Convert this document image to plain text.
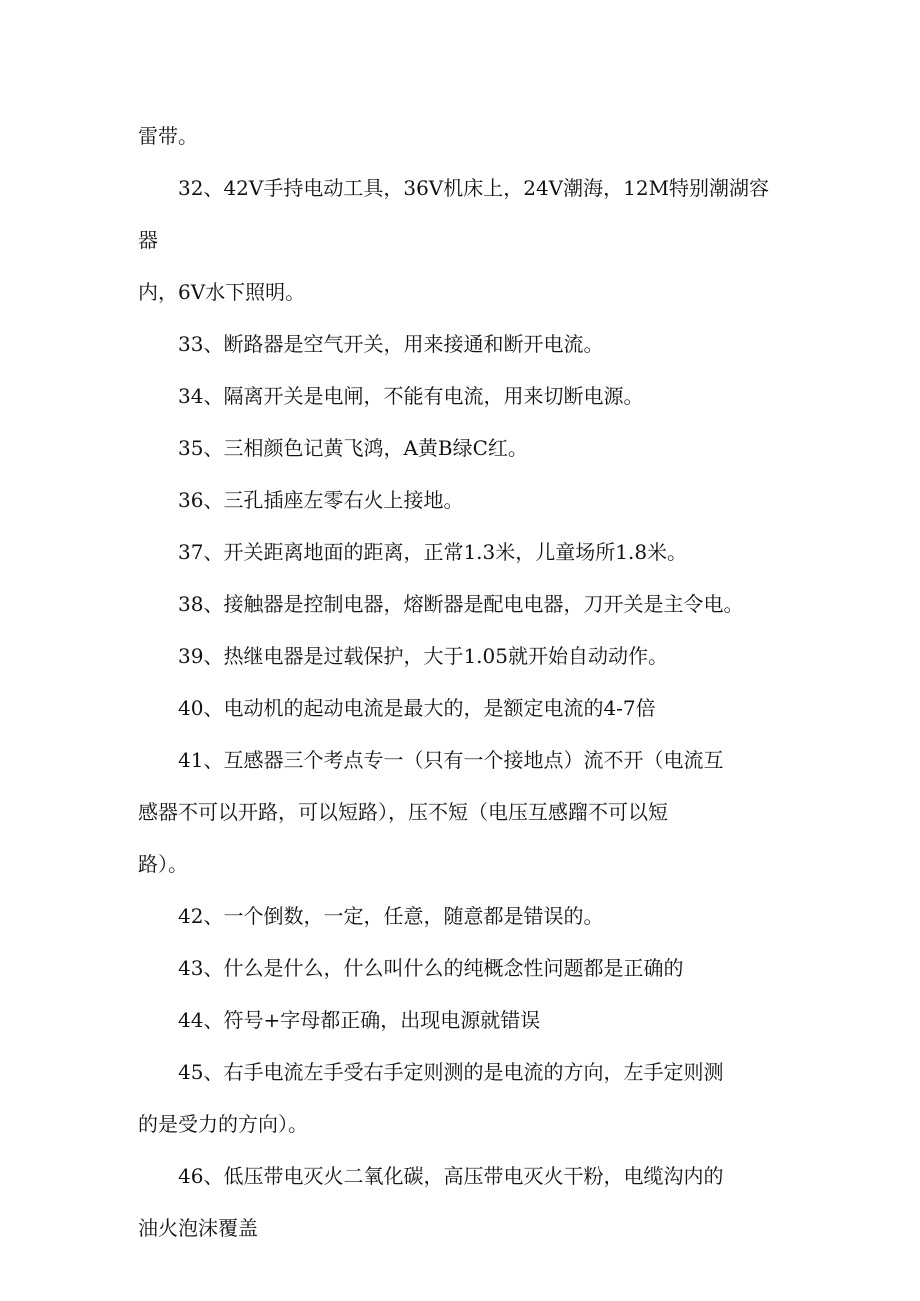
雷带。

32、42V手持电动工具，36V机床上，24V潮海，12M特别潮湖容器
内，6V水下照明。

33、断路器是空气开关，用来接通和断开电流。

34、隔离开关是电闸，不能有电流，用来切断电源。

35、三相颜色记黄飞鸿，A黄B绿C红。

36、三孔插座左零右火上接地。

37、开关距离地面的距离，正常1.3米，儿童场所1.8米。

38、接触器是控制电器，熔断器是配电电器，刀开关是主令电。

39、热继电器是过载保护，大于1.05就开始自动动作。

40、电动机的起动电流是最大的，是额定电流的4-7倍

41、互感器三个考点专一（只有一个接地点）流不开（电流互
感器不可以开路，可以短路），压不短（电压互感蹓不可以短
路）。

42、一个倒数，一定，任意，随意都是错误的。

43、什么是什么，什么叫什么的纯概念性问题都是正确的

44、符号+字母都正确，出现电源就错误

45、右手电流左手受右手定则测的是电流的方向，左手定则测
的是受力的方向）。

46、低压带电灭火二氧化碳，高压带电灭火干粉，电缆沟内的
油火泡沫覆盖
